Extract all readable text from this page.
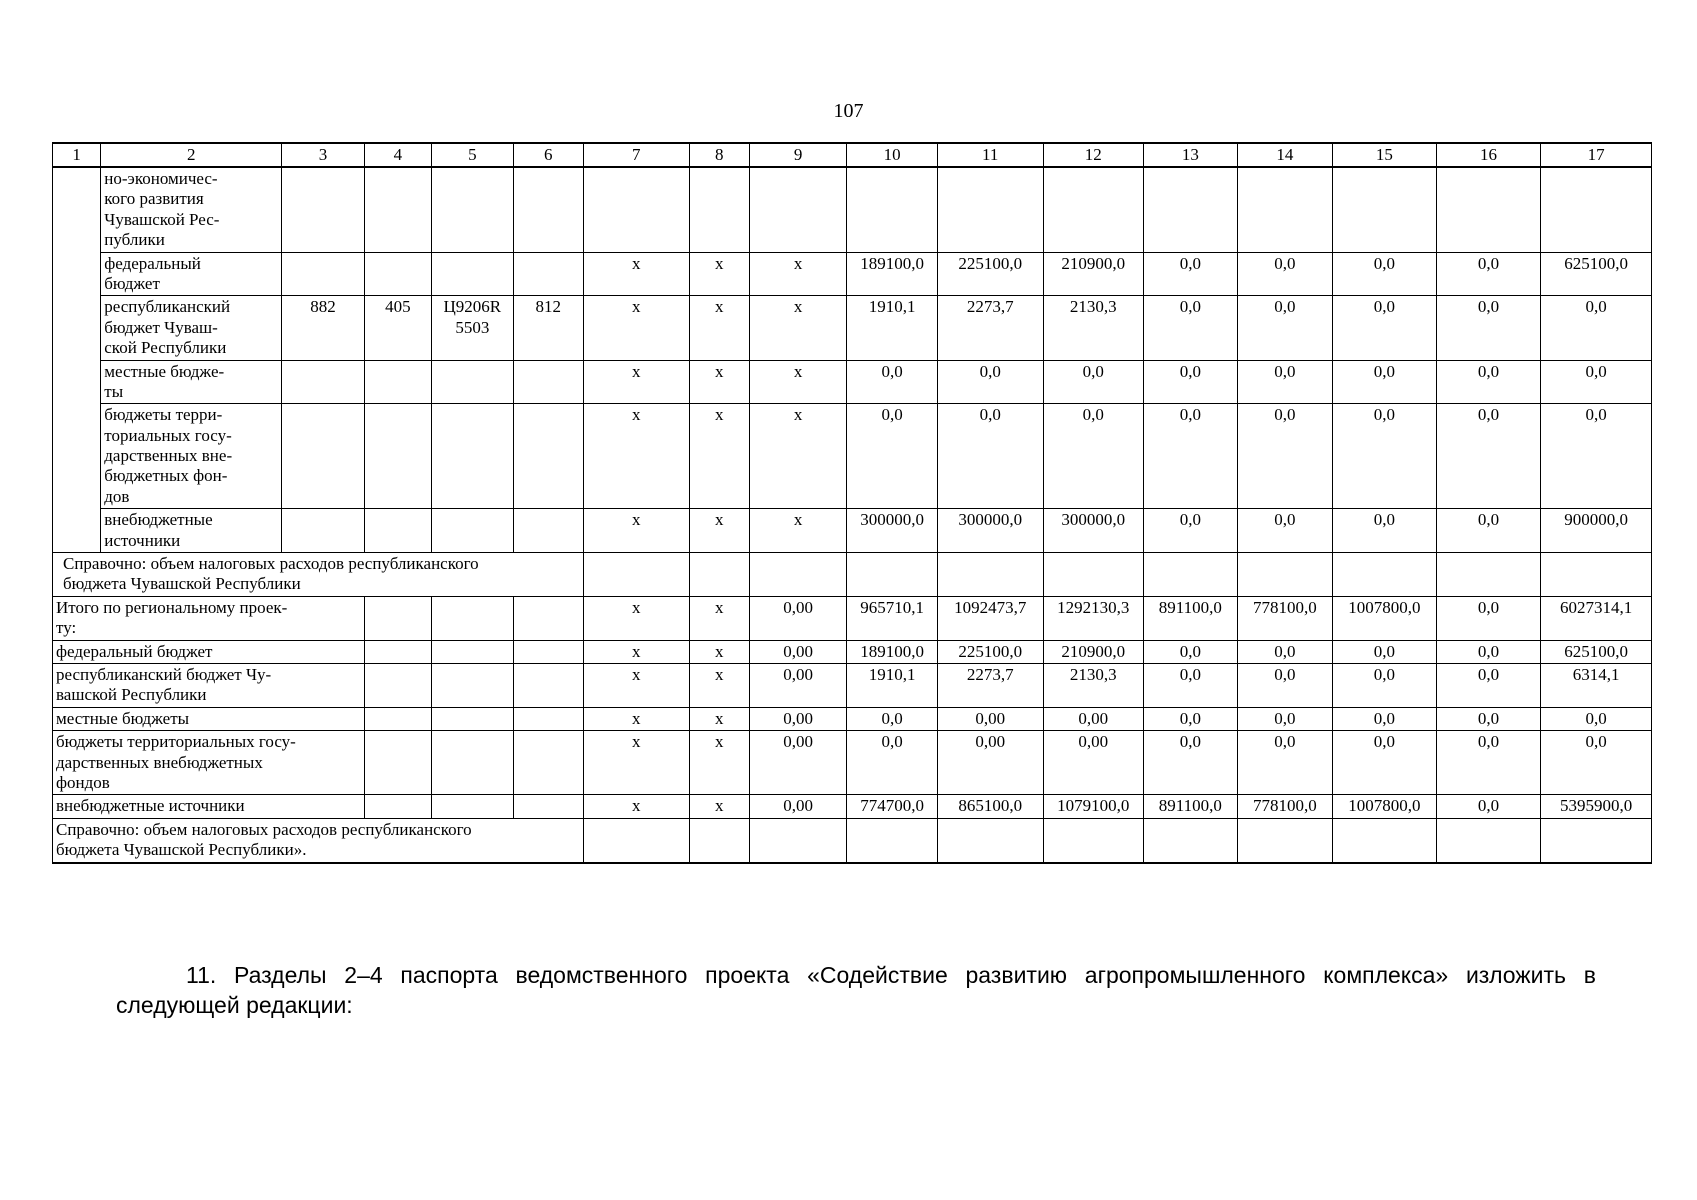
107
1	2	3	4	5	6	7	8	9	10	11	12	13	14	15	16	17
	но-экономичес-
кого развития
Чувашской Рес-
публики															
	федеральный
бюджет					х	х	х	189100,0	225100,0	210900,0	0,0	0,0	0,0	0,0	625100,0
	республиканский
бюджет Чуваш-
ской Республики	882	405	Ц9206R
5503	812	х	х	х	1910,1	2273,7	2130,3	0,0	0,0	0,0	0,0	0,0
	местные бюдже-
ты					х	х	х	0,0	0,0	0,0	0,0	0,0	0,0	0,0	0,0
	бюджеты терри-
ториальных госу-
дарственных вне-
бюджетных фон-
дов					х	х	х	0,0	0,0	0,0	0,0	0,0	0,0	0,0	0,0
	внебюджетные
источники					х	х	х	300000,0	300000,0	300000,0	0,0	0,0	0,0	0,0	900000,0
Справочно: объем налоговых расходов республиканского
бюджета Чувашской Республики																
Итого по региональному проек-
ту:						х	х	0,00	965710,1	1092473,7	1292130,3	891100,0	778100,0	1007800,0	0,0	6027314,1
федеральный бюджет						х	х	0,00	189100,0	225100,0	210900,0	0,0	0,0	0,0	0,0	625100,0
республиканский бюджет Чу-
вашской Республики						х	х	0,00	1910,1	2273,7	2130,3	0,0	0,0	0,0	0,0	6314,1
местные бюджеты						х	х	0,00	0,0	0,00	0,00	0,0	0,0	0,0	0,0	0,0
бюджеты территориальных госу-
дарственных внебюджетных
фондов						х	х	0,00	0,0	0,00	0,00	0,0	0,0	0,0	0,0	0,0
внебюджетные источники						х	х	0,00	774700,0	865100,0	1079100,0	891100,0	778100,0	1007800,0	0,0	5395900,0
Справочно: объем налоговых расходов республиканского
бюджета Чувашской Республики».																

11. Разделы 2–4 паспорта ведомственного проекта «Содействие развитию агропромышленного комплекса» изложить в следующей редакции:
